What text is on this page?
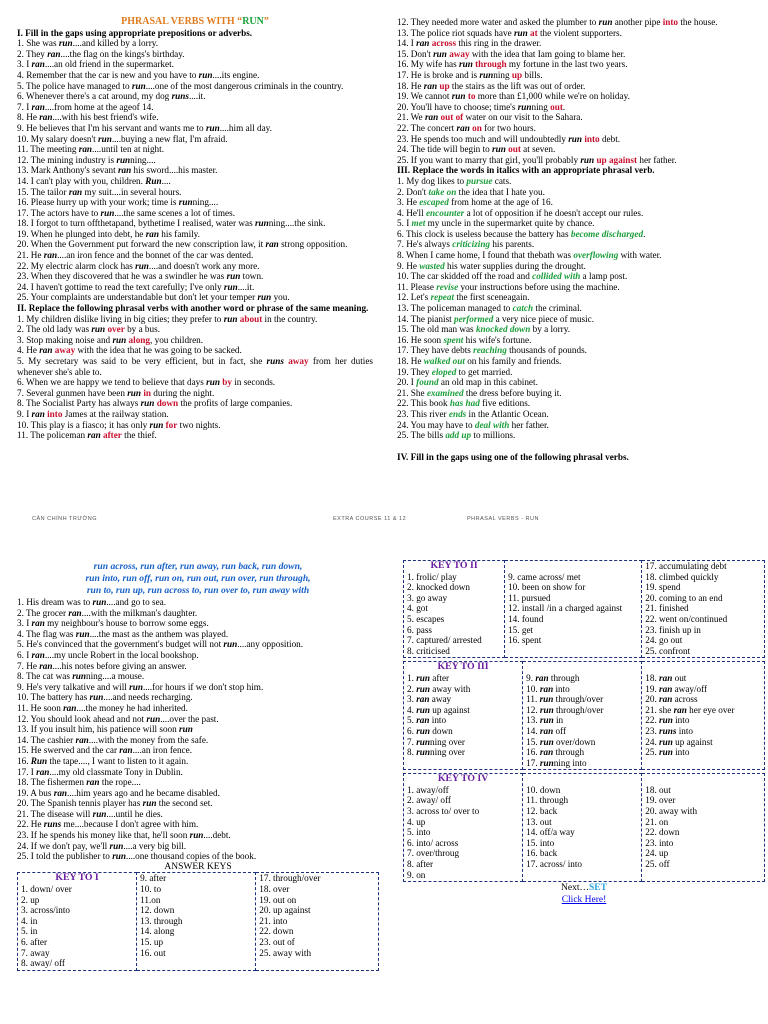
PHRASAL VERBS WITH “RUN”
I. Fill in the gaps using appropriate prepositions or adverbs.
1. She was run....and killed by a lorry.
2. They ran....the flag on the kings's birthday.
3. I ran....an old friend in the supermarket.
4. Remember that the car is new and you have to run....its engine.
5. The police have managed to run....one of the most dangerous criminals in the country.
6. Whenever there's a cat around, my dog runs....it.
7. I ran....from home at the ageof 14.
8. He ran....with his best friend's wife.
9. He believes that I'm his servant and wants me to run....him all day.
10. My salary doesn't run....buying a new flat, I'm afraid.
11. The meeting ran....until ten at night.
12. The mining industry is running....
13. Mark Anthony's sevant ran his sword....his master.
14. I can't play with you, children. Run....
15. The tailor ran my suit....in several hours.
16. Please hurry up with your work; time is running....
17. The actors have to run....the same scenes a lot of times.
18. I forgot to turn offthetapand, bythetime I realised, water was running....the sink.
19. When he plunged into debt, he ran his family.
20. When the Government put forward the new conscription law, it ran strong opposition.
21. He ran....an iron fence and the bonnet of the car was dented.
22. My electric alarm clock has run....and doesn't work any more.
23. When they discovered that he was a swindler he was run town.
24. I haven't gottime to read the text carefully; I've only run....it.
25. Your complaints are understandable but don't let your temper run you.
II. Replace the following phrasal verbs with another word or phrase of the same meaning.
1. My children dislike living in big cities; they prefer to run about in the country.
2. The old lady was run over by a bus.
3. Stop making noise and run along, you children.
4. He ran away with the idea that he was going to be sacked.
5. My secretary was said to be very efficient, but in fact, she runs away from her duties whenever she's able to.
6. When we are happy we tend to believe that days run by in seconds.
7. Several gunmen have been run in during the night.
8. The Socialist Party has always run down the profits of large companies.
9. I ran into James at the railway station.
10. This play is a fiasco; it has only run for two nights.
11. The policeman ran after the thief.
12. They needed more water and asked the plumber to run another pipe into the house.
13. The police riot squads have run at the violent supporters.
14. I ran across this ring in the drawer.
15. Don't run away with the idea that Iam going to blame her.
16. My wife has run through my fortune in the last two years.
17. He is broke and is running up bills.
18. He ran up the stairs as the lift was out of order.
19. We cannot run to more than £1,000 while we're on holiday.
20. You'll have to choose; time's running out.
21. We ran out of water on our visit to the Sahara.
22. The concert ran on for two hours.
23. He spends too much and will undoubtedly run into debt.
24. The tide will begin to run out at seven.
25. If you want to marry that girl, you'll probably run up against her father.
III. Replace the words in italics with an appropriate phrasal verb.
1. My dog likes to pursue cats.
2. Don't take on the idea that I hate you.
3. He escaped from home at the age of 16.
4. He'll encounter a lot of opposition if he doesn't accept our rules.
5. I met my uncle in the supermarket quite by chance.
6. This clock is useless because the battery has become discharged.
7. He's always criticizing his parents.
8. When I came home, I found that thebath was overflowing with water.
9. He wasted his water supplies during the drought.
10. The car skidded off the road and collided with a lamp post.
11. Please revise your instructions before using the machine.
12. Let's repeat the first sceneagain.
13. The policeman managed to catch the criminal.
14. The pianist performed a very nice piece of music.
15. The old man was knocked down by a lorry.
16. He soon spent his wife's fortune.
17. They have debts reaching thousands of pounds.
18. He walked out on his family and friends.
19. They eloped to get married.
20. I found an old map in this cabinet.
21. She examined the dress before buying it.
22. This book has had five editions.
23. This river ends in the Atlantic Ocean.
24. You may have to deal with her father.
25. The bills add up to millions.
IV. Fill in the gaps using one of the following phrasal verbs.
CÂN CHÍNH TRƯỜNG	EXTRA COURSE 11 & 12	PHRASAL VERBS - RUN
run across, run after, run away, run back, run down,
run into, run off, run on, run out, run over, run through,
run to, run up, run across to, run over to, run away with
1. His dream was to run....and go to sea.
2. The grocer ran....with the milkman's daughter.
3. I ran my neighbour's house to borrow some eggs.
4. The flag was run....the mast as the anthem was played.
5. He's convinced that the government's budget will not run....any opposition.
6. I ran....my uncle Robert in the local bookshop.
7. He ran....his notes before giving an answer.
8. The cat was running....a mouse.
9. He's very talkative and will run....for hours if we don't stop him.
10. The battery has run....and needs recharging.
11. He soon ran....the money he had inherited.
12. You should look ahead and not run....over the past.
13. If you insult him, his patience will soon run
14. The cashier ran....with the money from the safe.
15. He swerved and the car ran....an iron fence.
16. Run the tape...., I want to listen to it again.
17. I ran....my old classmate Tony in Dublin.
18. The fishermen ran the rope....
19. A bus ran....him years ago and he became disabled.
20. The Spanish tennis player has run the second set.
21. The disease will run....until he dies.
22. He runs me....because I don't agree with him.
23. If he spends his money like that, he'll soon run....debt.
24. If we don't pay, we'll run....a very big bill.
25. I told the publisher to run....one thousand copies of the book.
ANSWER KEYS
KEY TO I
1. down/ over
2. up
3. across/into
4. in
5. in
6. after
7. away
8. away/ off

9. after
10. to
11.on
12. down
13. through
14. along
15. up
16. out

17. through/over
18. over
19. out on
20. up against
21. into
22. down
23. out of
25. away with
KEY TO II
1. frolic/ play
2. knocked down
3. go away
4. got
5. escapes
6. pass
7. captured/ arrested
8. criticised

9. came across/ met
10. been on show for
11. pursued
12. install /in a charged against
14. found
15. get
16. spent

17. accumulating debt
18. climbed quickly
19. spend
20. coming to an end
21. finished
22. went on/continued
23. finish up in
24. go out
25. confront
KEY TO III
1. run after
2. run away with
3. ran away
4. run up against
5. ran into
6. run down
7. running over
8. running over

9. ran through
10. ran into
11. run through/over
12. run through/over
13. run in
14. ran off
15. run over/down
16. ran through
17. running into

18. ran out
19. ran away/off
20. ran across
21. she ran her eye over
22. run into
23. runs into
24. run up against
25. run into
KEY TO IV
1. away/off
2. away/ off
3. across to/ over to
4. up
5. into
6. into/ across
7. over/throug
8. after
9. on

10. down
11. through
12. back
13. out
14. off/a way
15. into
16. back
17. across/ into

18. out
19. over
20. away with
21. on
22. down
23. into
24. up
25. off
Next…SET
Click Here!
